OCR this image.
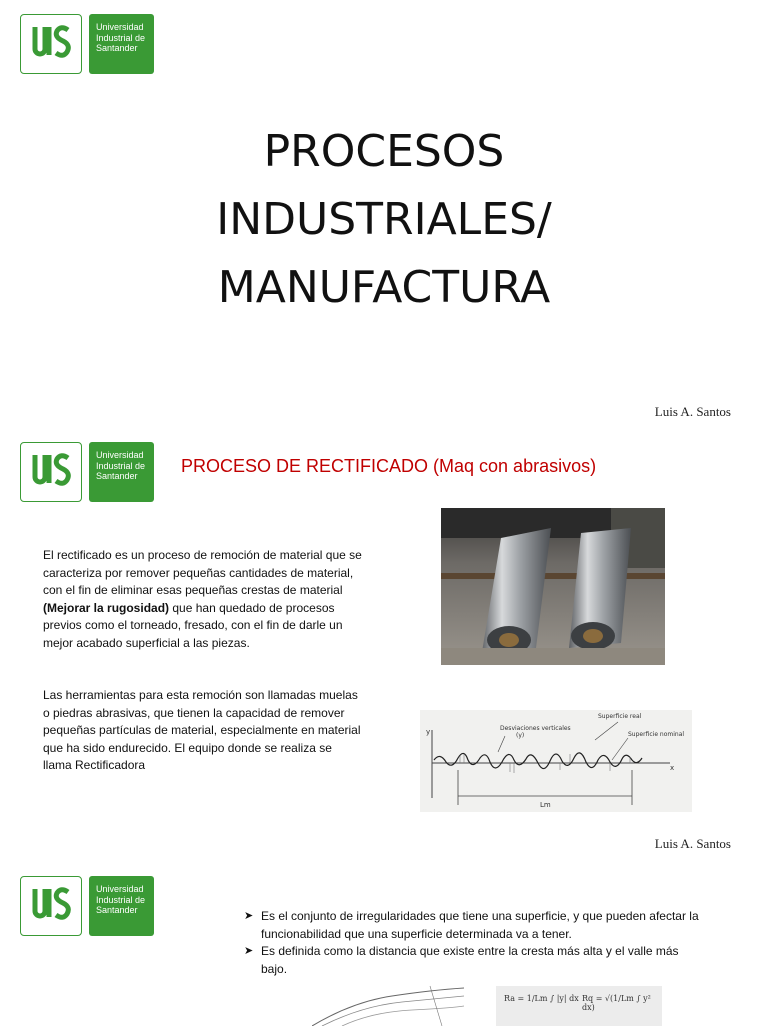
Universidad
Industrial de
Santander
PROCESOS
INDUSTRIALES/
MANUFACTURA
Luis A. Santos
Universidad
Industrial de
Santander	PROCESO DE RECTIFICADO (Maq con abrasivos)
El rectificado es un proceso de remoción de material que se caracteriza por remover pequeñas cantidades de material, con el fin de eliminar esas pequeñas crestas de material (Mejorar la rugosidad) que han quedado de procesos previos como el torneado, fresado, con el fin de darle un mejor acabado superficial a las piezas.
Las herramientas para esta remoción son llamadas muelas o piedras abrasivas, que tienen la capacidad de remover pequeñas partículas de material, especialmente en material que ha sido endurecido. El equipo donde se realiza se llama Rectificadora
y
x
Desviaciones verticales
(y)
Superficie real
Superficie nominal
Lm
Luis A. Santos
Universidad
Industrial de
Santander	➤ Es el conjunto de irregularidades que tiene una superficie, y que pueden afectar la funcionabilidad que una superficie determinada va a tener.
➤ Es definida como la distancia que existe entre la cresta más alta y el valle más bajo.
Ra = 1/Lm ∫ |y| dx Rq = √(1/Lm ∫ y² dx)
